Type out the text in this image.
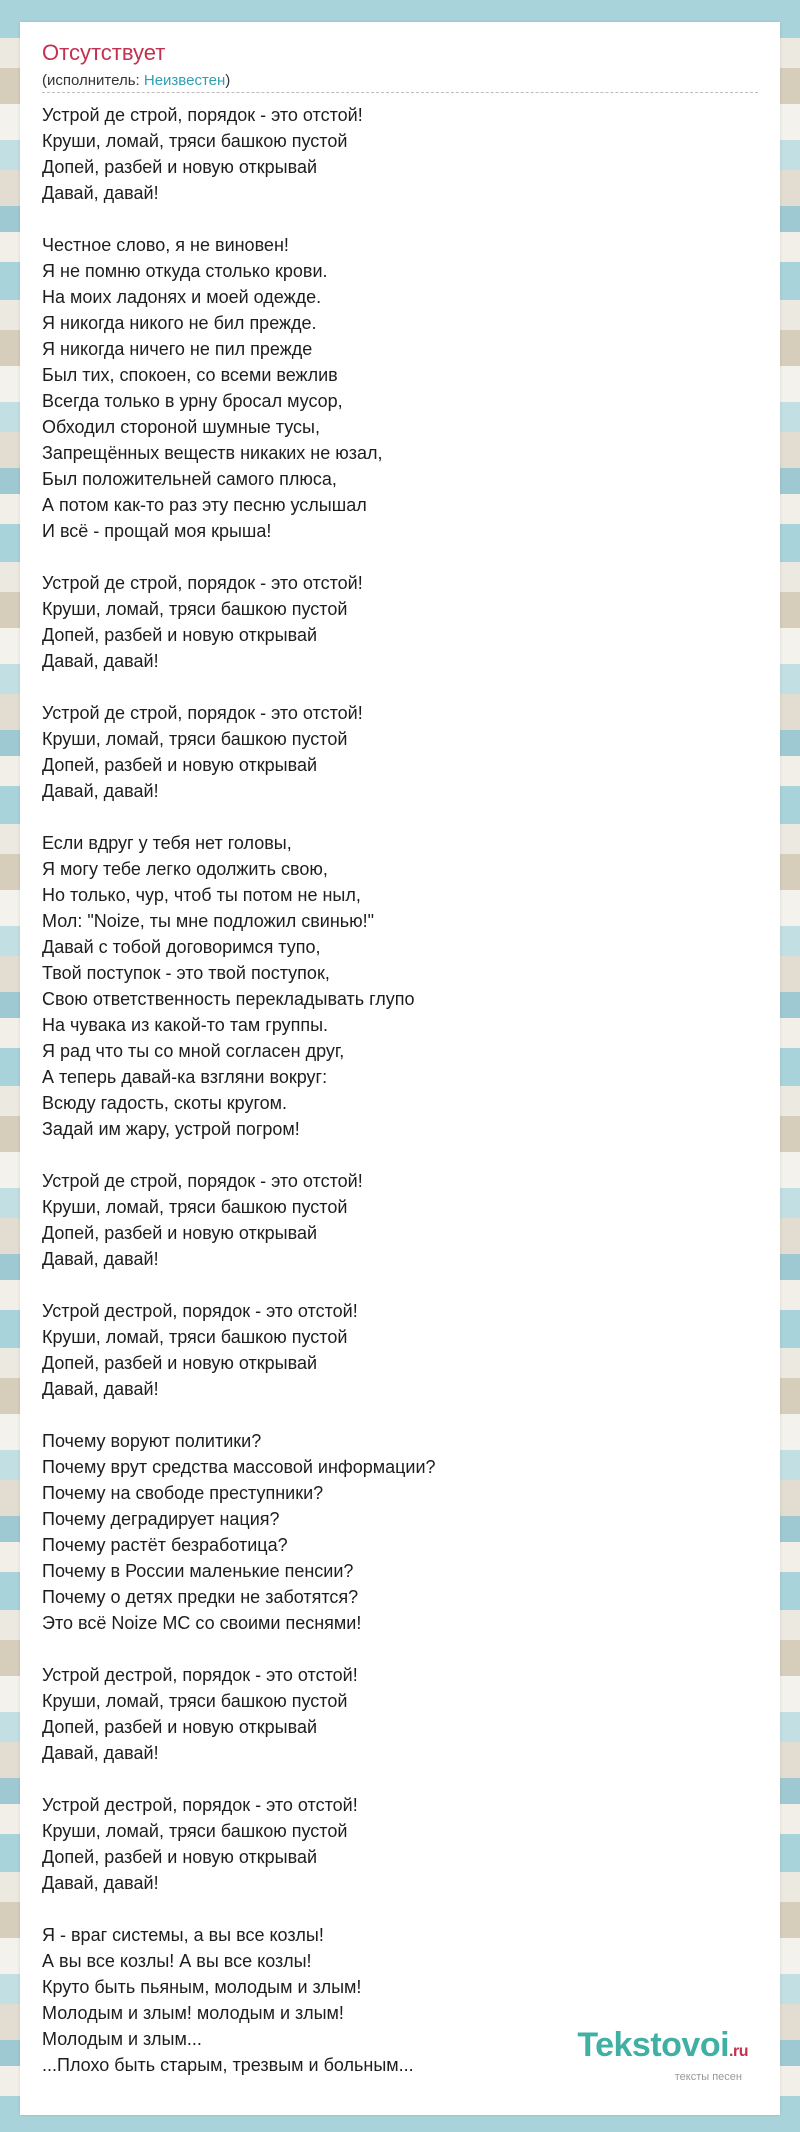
Отсутствует
(исполнитель: Неизвестен)
Устрой де строй, порядок - это отстой!
Круши, ломай, тряси башкою пустой
Допей, разбей и новую открывай
Давай, давай!

Честное слово, я не виновен!
Я не помню откуда столько крови.
На моих ладонях и моей одежде.
Я никогда никого не бил прежде.
Я никогда ничего не пил прежде
Был тих, спокоен, со всеми вежлив
Всегда только в урну бросал мусор,
Обходил стороной шумные тусы,
Запрещённых веществ никаких не юзал,
Был положительней самого плюса,
А потом как-то раз эту песню услышал
И всё - прощай моя крыша!

Устрой де строй, порядок - это отстой!
Круши, ломай, тряси башкою пустой
Допей, разбей и новую открывай
Давай, давай!

Устрой де строй, порядок - это отстой!
Круши, ломай, тряси башкою пустой
Допей, разбей и новую открывай
Давай, давай!

Если вдруг у тебя нет головы,
Я могу тебе легко одолжить свою,
Но только, чур, чтоб ты потом не ныл,
Мол: "Noize, ты мне подложил свинью!"
Давай с тобой договоримся тупо,
Твой поступок - это твой поступок,
Свою ответственность перекладывать глупо
На чувака из какой-то там группы.
Я рад что ты со мной согласен друг,
А теперь давай-ка взгляни вокруг:
Всюду гадость, скоты кругом.
Задай им жару, устрой погром!

Устрой де строй, порядок - это отстой!
Круши, ломай, тряси башкою пустой
Допей, разбей и новую открывай
Давай, давай!

Устрой дестрой, порядок - это отстой!
Круши, ломай, тряси башкою пустой
Допей, разбей и новую открывай
Давай, давай!

Почему воруют политики?
Почему врут средства массовой информации?
Почему на свободе преступники?
Почему деградирует нация?
Почему растёт безработица?
Почему в России маленькие пенсии?
Почему о детях предки не заботятся?
Это всё Noize MC со своими песнями!

Устрой дестрой, порядок - это отстой!
Круши, ломай, тряси башкою пустой
Допей, разбей и новую открывай
Давай, давай!

Устрой дестрой, порядок - это отстой!
Круши, ломай, тряси башкою пустой
Допей, разбей и новую открывай
Давай, давай!

Я - враг системы, а вы все козлы!
А вы все козлы! А вы все козлы!
Круто быть пьяным, молодым и злым!
Молодым и злым! молодым и злым!
Молодым и злым...
...Плохо быть старым, трезвым и больным...
Tekstovoi.ru
тексты песен
